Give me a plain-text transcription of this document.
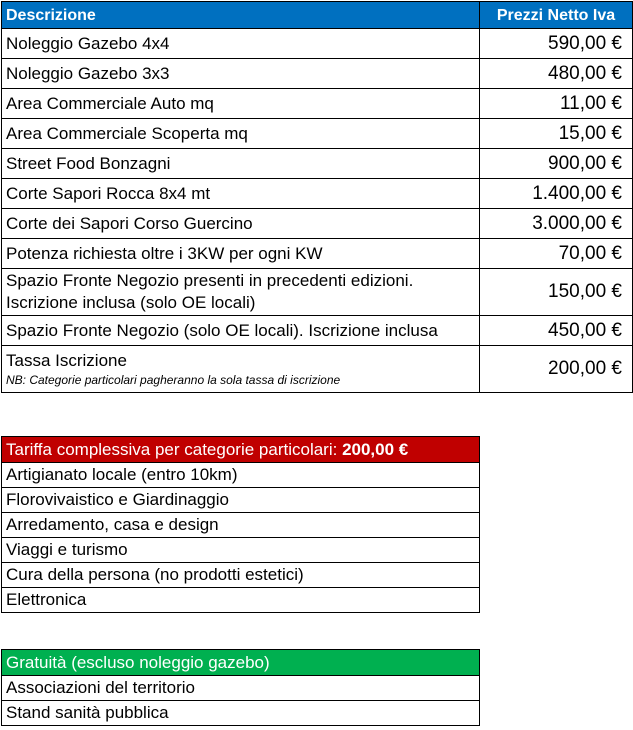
Descrizione	Prezzi Netto Iva
Noleggio Gazebo 4x4	590,00 €
Noleggio Gazebo 3x3	480,00 €
Area Commerciale Auto mq	11,00 €
Area Commerciale Scoperta mq	15,00 €
Street Food Bonzagni	900,00 €
Corte Sapori Rocca 8x4 mt	1.400,00 €
Corte dei Sapori Corso Guercino	3.000,00 €
Potenza richiesta oltre i 3KW per ogni KW	70,00 €
Spazio Fronte Negozio presenti in precedenti edizioni. Iscrizione inclusa (solo OE locali)	150,00 €
Spazio Fronte Negozio (solo OE locali). Iscrizione inclusa	450,00 €

Tassa Iscrizione
NB: Categorie particolari pagheranno la sola tassa di iscrizione	200,00 €
Tariffa complessiva per categorie particolari: 200,00 €
Artigianato locale (entro 10km)
Florovivaistico e Giardinaggio
Arredamento, casa e design
Viaggi e turismo
Cura della persona (no prodotti estetici)
Elettronica
Gratuità (escluso noleggio gazebo)
Associazioni del territorio
Stand sanità pubblica
